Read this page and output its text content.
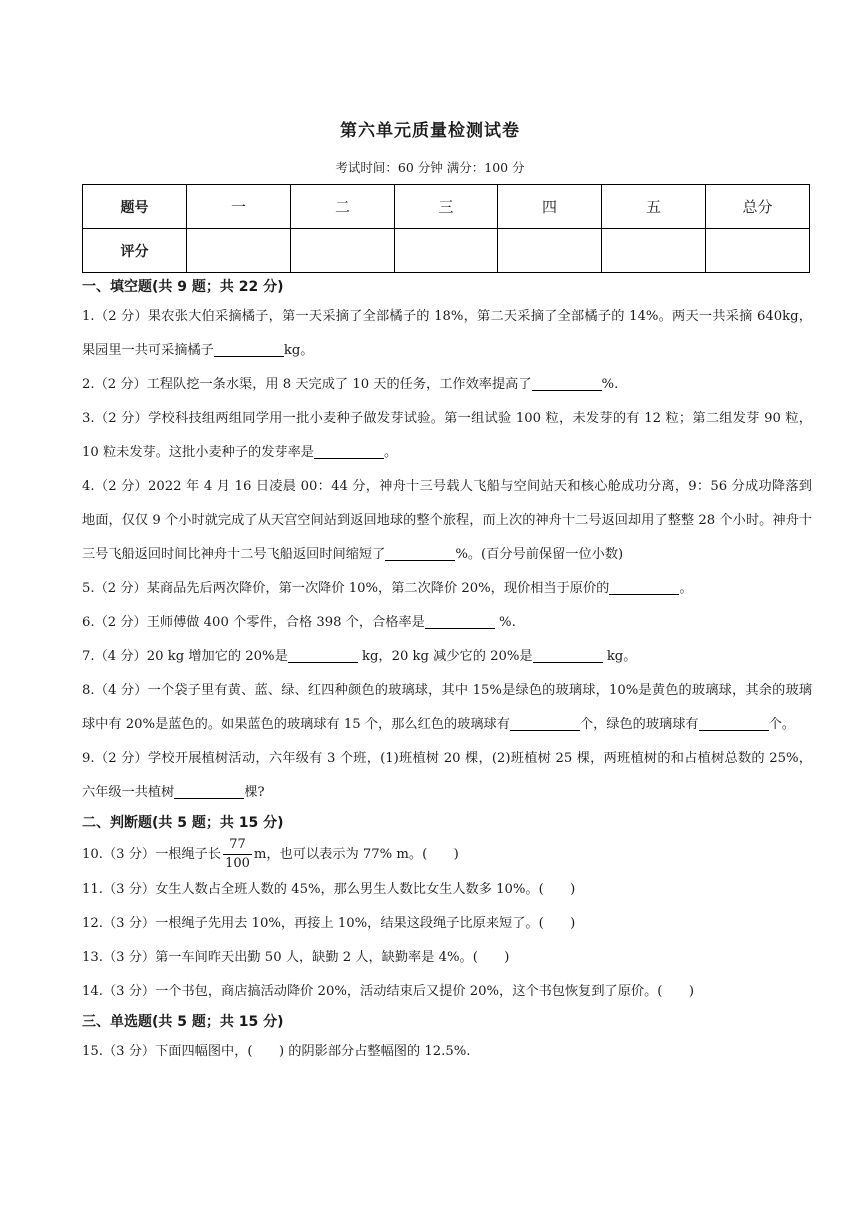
第六单元质量检测试卷
考试时间：60 分钟 满分：100 分
题号	一	二	三	四	五	总分
评分						
一、填空题(共 9 题；共 22 分)
1.（2 分）果农张大伯采摘橘子，第一天采摘了全部橘子的 18%，第二天采摘了全部橘子的 14%。两天一共采摘 640kg，果园里一共可采摘橘子	kg。
2.（2 分）工程队挖一条水渠，用 8 天完成了 10 天的任务，工作效率提高了	%.
3.（2 分）学校科技组两组同学用一批小麦种子做发芽试验。第一组试验 100 粒，未发芽的有 12 粒；第二组发芽 90 粒，10 粒未发芽。这批小麦种子的发芽率是	。
4.（2 分）2022 年 4 月 16 日凌晨 00：44 分，神舟十三号载人飞船与空间站天和核心舱成功分离，9：56 分成功降落到地面，仅仅 9 个小时就完成了从天宫空间站到返回地球的整个旅程，而上次的神舟十二号返回却用了整整 28 个小时。神舟十三号飞船返回时间比神舟十二号飞船返回时间缩短了	%。(百分号前保留一位小数)
5.（2 分）某商品先后两次降价，第一次降价 10%，第二次降价 20%，现价相当于原价的	。
6.（2 分）王师傅做 400 个零件，合格 398 个，合格率是	%.
7.（4 分）20 kg 增加它的 20%是	kg，20 kg 减少它的 20%是	kg。
8.（4 分）一个袋子里有黄、蓝、绿、红四种颜色的玻璃球，其中 15%是绿色的玻璃球，10%是黄色的玻璃球，其余的玻璃球中有 20%是蓝色的。如果蓝色的玻璃球有 15 个，那么红色的玻璃球有	个，绿色的玻璃球有	个。
9.（2 分）学校开展植树活动，六年级有 3 个班，(1)班植树 20 棵，(2)班植树 25 棵，两班植树的和占植树总数的 25%，六年级一共植树	棵?
二、判断题(共 5 题；共 15 分)
10.（3 分）一根绳子长 $\frac{77}{100}$ m，也可以表示为 77% m。(　　)
11.（3 分）女生人数占全班人数的 45%，那么男生人数比女生人数多 10%。(　　)
12.（3 分）一根绳子先用去 10%，再接上 10%，结果这段绳子比原来短了。(　　)
13.（3 分）第一车间昨天出勤 50 人，缺勤 2 人，缺勤率是 4%。(　　)
14.（3 分）一个书包，商店搞活动降价 20%，活动结束后又提价 20%，这个书包恢复到了原价。(　　)
三、单选题(共 5 题；共 15 分)
15.（3 分）下面四幅图中，(　　) 的阴影部分占整幅图的 12.5%.
